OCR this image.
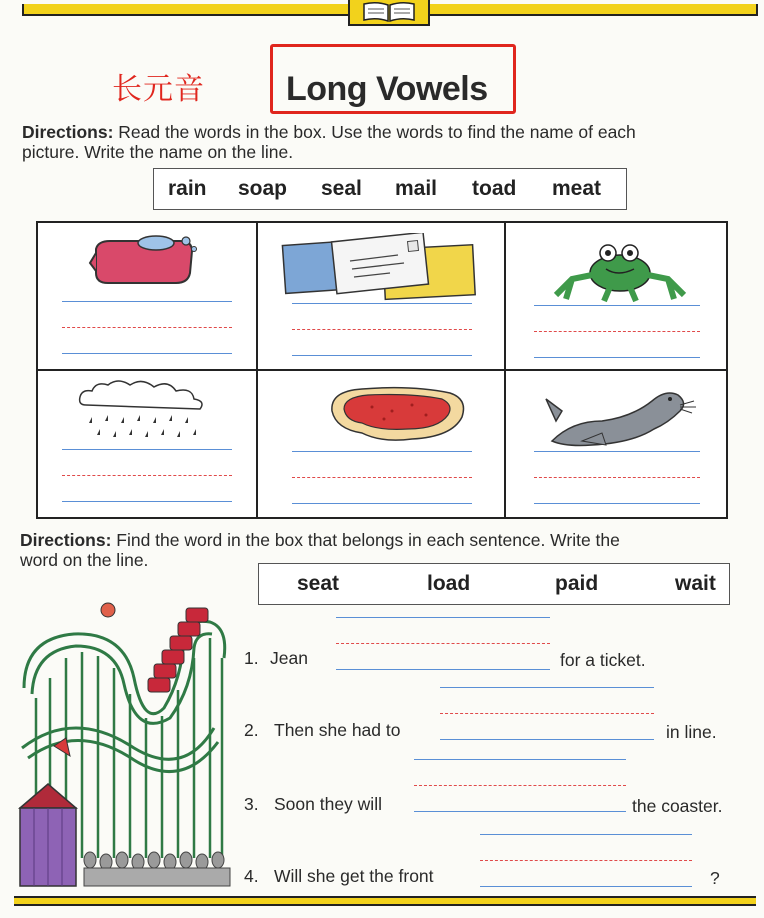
长元音 Long Vowels
Directions: Read the words in the box. Use the words to find the name of each
picture. Write the name on the line.
rain soap seal mail toad meat
Directions: Find the word in the box that belongs in each sentence. Write the
word on the line.
seat	load	paid	wait
1. Jean	for a ticket.
2. Then she had to	in line.
3. Soon they will	the coaster.
4. Will she get the front	?
